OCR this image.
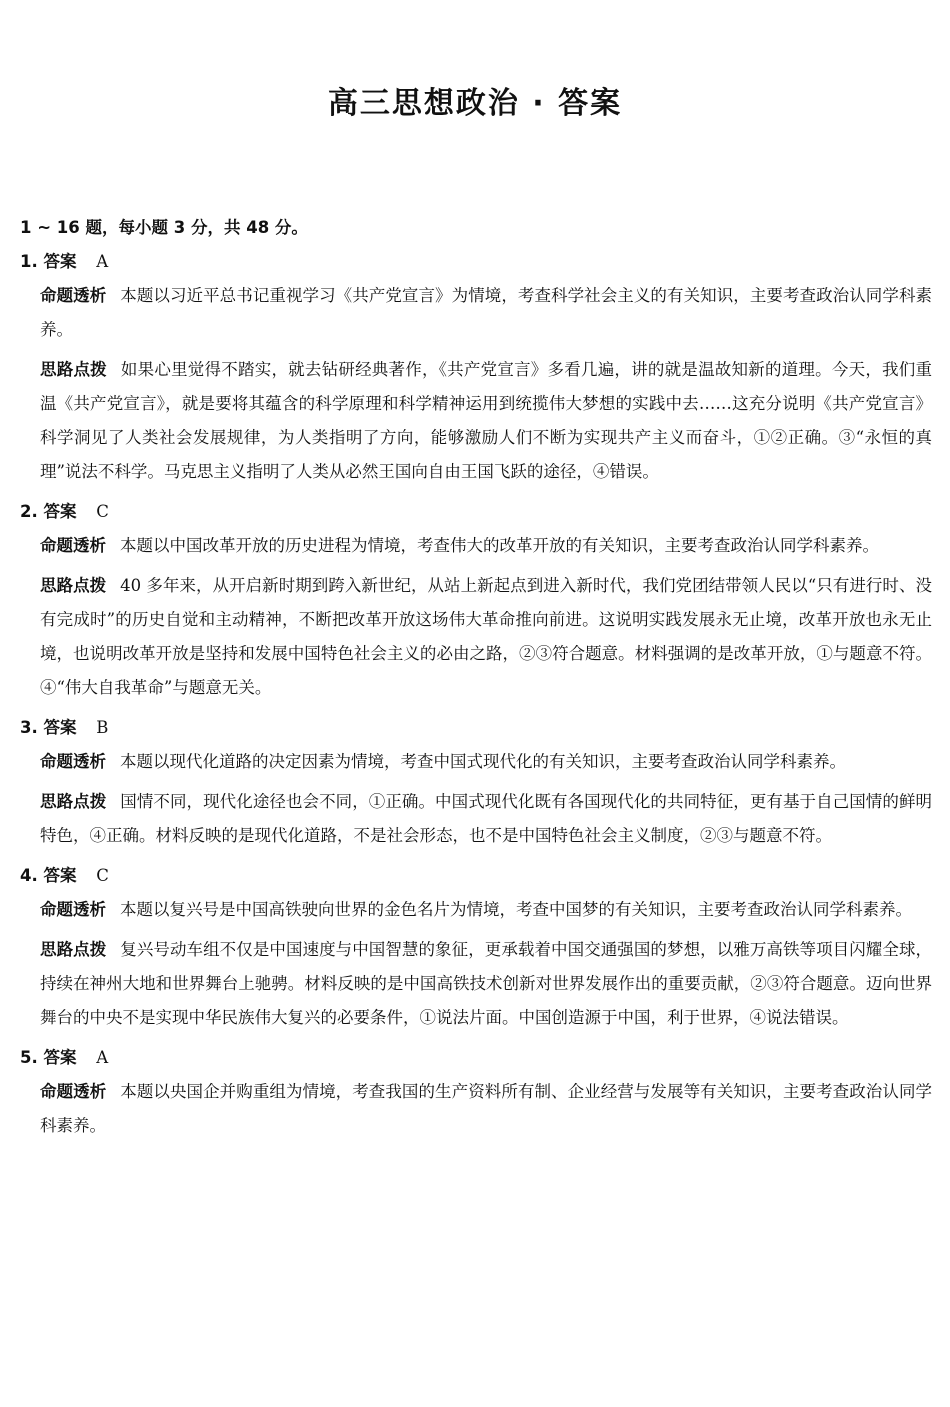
高三思想政治 · 答案
1 ~ 16 题，每小题 3 分，共 48 分。
1. 答案 A
命题透析 本题以习近平总书记重视学习《共产党宣言》为情境，考查科学社会主义的有关知识，主要考查政治认同学科素养。
思路点拨 如果心里觉得不踏实，就去钻研经典著作，《共产党宣言》多看几遍，讲的就是温故知新的道理。今天，我们重温《共产党宣言》，就是要将其蕴含的科学原理和科学精神运用到统揽伟大梦想的实践中去……这充分说明《共产党宣言》科学洞见了人类社会发展规律，为人类指明了方向，能够激励人们不断为实现共产主义而奋斗，①②正确。③“永恒的真理”说法不科学。马克思主义指明了人类从必然王国向自由王国飞跃的途径，④错误。
2. 答案 C
命题透析 本题以中国改革开放的历史进程为情境，考查伟大的改革开放的有关知识，主要考查政治认同学科素养。
思路点拨 40 多年来，从开启新时期到跨入新世纪，从站上新起点到进入新时代，我们党团结带领人民以“只有进行时、没有完成时”的历史自觉和主动精神，不断把改革开放这场伟大革命推向前进。这说明实践发展永无止境，改革开放也永无止境，也说明改革开放是坚持和发展中国特色社会主义的必由之路，②③符合题意。材料强调的是改革开放，①与题意不符。④“伟大自我革命”与题意无关。
3. 答案 B
命题透析 本题以现代化道路的决定因素为情境，考查中国式现代化的有关知识，主要考查政治认同学科素养。
思路点拨 国情不同，现代化途径也会不同，①正确。中国式现代化既有各国现代化的共同特征，更有基于自己国情的鲜明特色，④正确。材料反映的是现代化道路，不是社会形态，也不是中国特色社会主义制度，②③与题意不符。
4. 答案 C
命题透析 本题以复兴号是中国高铁驶向世界的金色名片为情境，考查中国梦的有关知识，主要考查政治认同学科素养。
思路点拨 复兴号动车组不仅是中国速度与中国智慧的象征，更承载着中国交通强国的梦想，以雅万高铁等项目闪耀全球，持续在神州大地和世界舞台上驰骋。材料反映的是中国高铁技术创新对世界发展作出的重要贡献，②③符合题意。迈向世界舞台的中央不是实现中华民族伟大复兴的必要条件，①说法片面。中国创造源于中国，利于世界，④说法错误。
5. 答案 A
命题透析 本题以央国企并购重组为情境，考查我国的生产资料所有制、企业经营与发展等有关知识，主要考查政治认同学科素养。
